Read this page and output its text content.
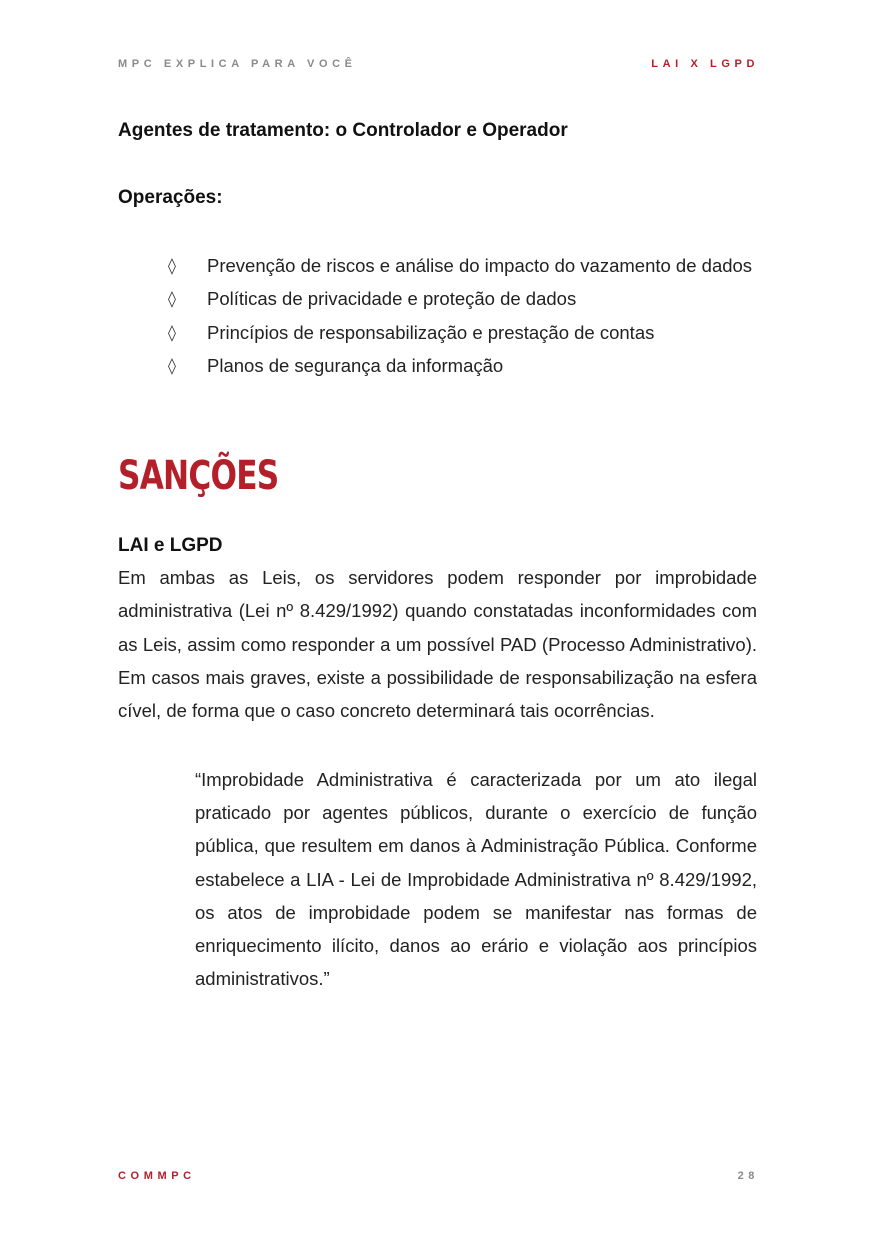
MPC EXPLICA PARA VOCÊ	LAI X LGPD

Agentes de tratamento: o Controlador e Operador

Operações:

◊ Prevenção de riscos e análise do impacto do vazamento de dados
◊ Políticas de privacidade e proteção de dados
◊ Princípios de responsabilização e prestação de contas
◊ Planos de segurança da informação
SANÇÕES

LAI e LGPD

Em ambas as Leis, os servidores podem responder por improbidade administrativa (Lei nº 8.429/1992) quando constatadas inconformidades com as Leis, assim como responder a um possível PAD (Processo Administrativo). Em casos mais graves, existe a possibilidade de responsabilização na esfera cível, de forma que o caso concreto determinará tais ocorrências.

“Improbidade Administrativa é caracterizada por um ato ilegal praticado por agentes públicos, durante o exercício de função pública, que resultem em danos à Administração Pública. Conforme estabelece a LIA - Lei de Improbidade Administrativa nº 8.429/1992, os atos de improbidade podem se manifestar nas formas de enriquecimento ilícito, danos ao erário e violação aos princípios administrativos.”

COMMPC	28
